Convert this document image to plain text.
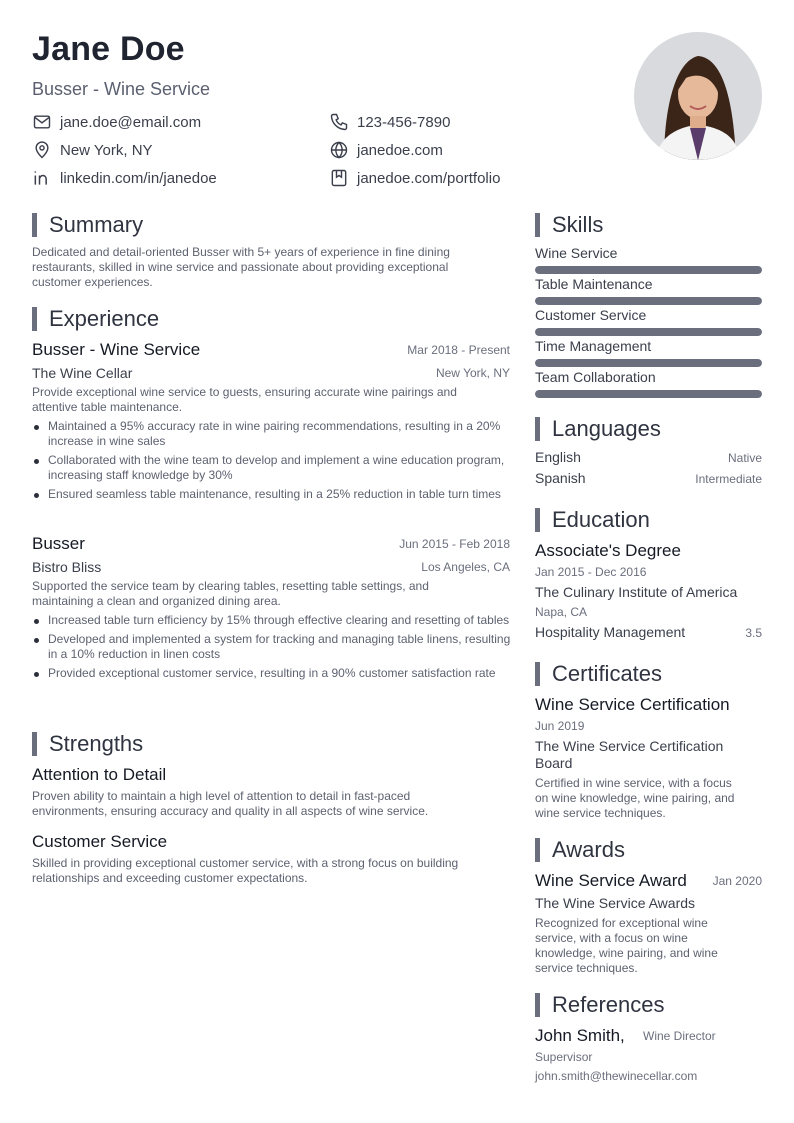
Jane Doe
Busser - Wine Service
jane.doe@email.com	123-456-7890
New York, NY	janedoe.com
linkedin.com/in/janedoe	janedoe.com/portfolio
Summary
Dedicated and detail-oriented Busser with 5+ years of experience in fine dining
restaurants, skilled in wine service and passionate about providing exceptional
customer experiences.
Experience
Busser - Wine Service	Mar 2018 - Present
The Wine Cellar	New York, NY
Provide exceptional wine service to guests, ensuring accurate wine pairings and
attentive table maintenance.
Maintained a 95% accuracy rate in wine pairing recommendations, resulting in a 20% increase in wine sales
Collaborated with the wine team to develop and implement a wine education program, increasing staff knowledge by 30%
Ensured seamless table maintenance, resulting in a 25% reduction in table turn times
Busser	Jun 2015 - Feb 2018
Bistro Bliss	Los Angeles, CA
Supported the service team by clearing tables, resetting table settings, and
maintaining a clean and organized dining area.
Increased table turn efficiency by 15% through effective clearing and resetting of tables
Developed and implemented a system for tracking and managing table linens, resulting in a 10% reduction in linen costs
Provided exceptional customer service, resulting in a 90% customer satisfaction rate
Strengths
Attention to Detail
Proven ability to maintain a high level of attention to detail in fast-paced
environments, ensuring accuracy and quality in all aspects of wine service.
Customer Service
Skilled in providing exceptional customer service, with a strong focus on building
relationships and exceeding customer expectations.
Skills
Wine Service
Table Maintenance
Customer Service
Time Management
Team Collaboration
Languages
English	Native
Spanish	Intermediate
Education
Associate's Degree
Jan 2015 - Dec 2016
The Culinary Institute of America
Napa, CA
Hospitality Management	3.5
Certificates
Wine Service Certification
Jun 2019
The Wine Service Certification
Board
Certified in wine service, with a focus
on wine knowledge, wine pairing, and
wine service techniques.
Awards
Wine Service Award	Jan 2020
The Wine Service Awards
Recognized for exceptional wine
service, with a focus on wine
knowledge, wine pairing, and wine
service techniques.
References
John Smith, Wine Director
Supervisor
john.smith@thewinecellar.com
